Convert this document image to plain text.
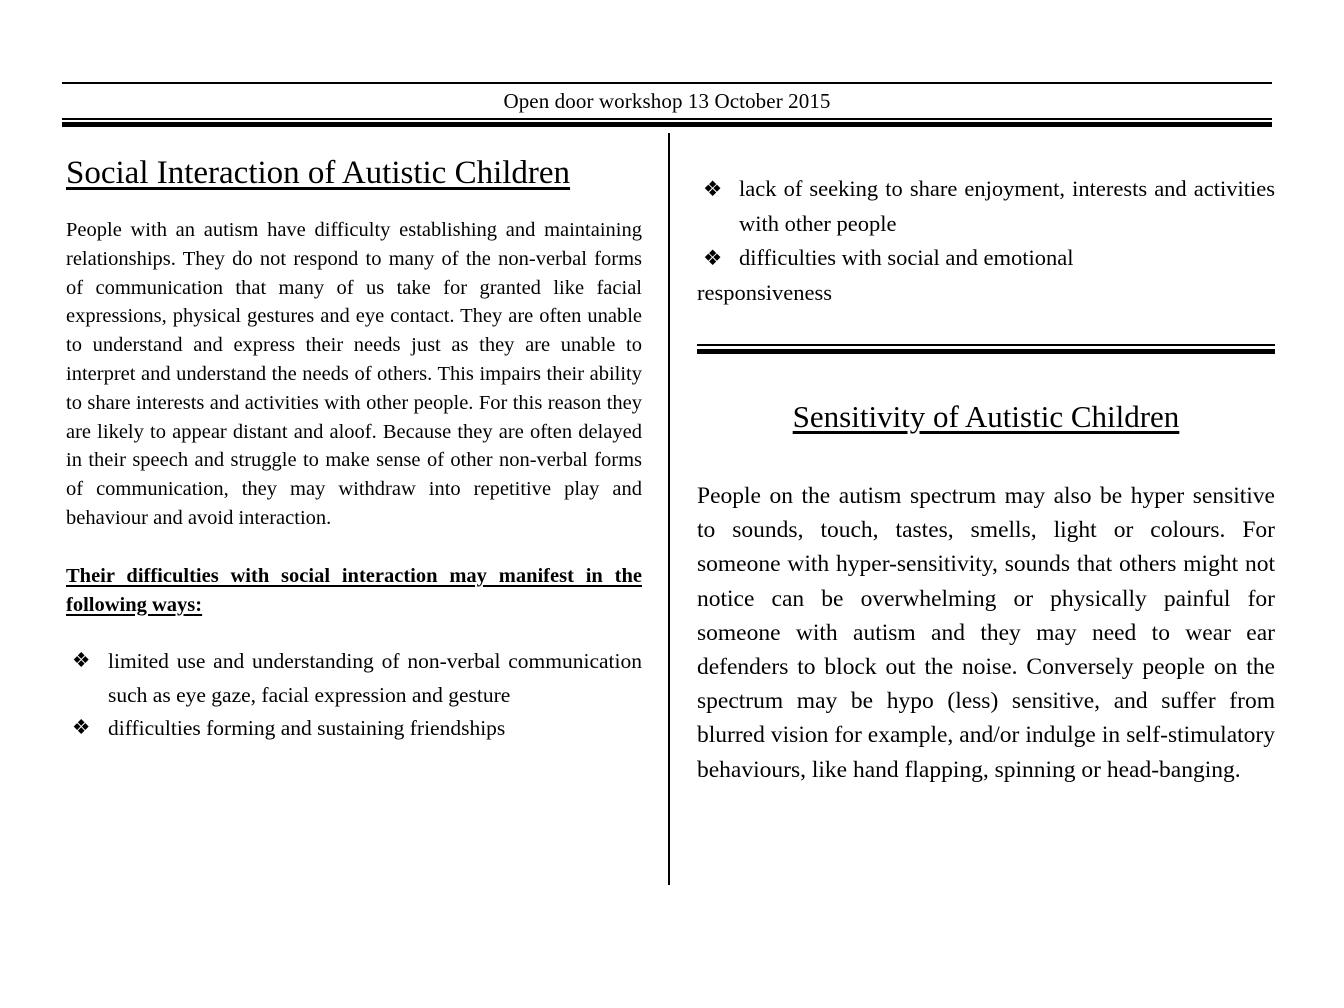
Open door workshop 13 October 2015
Social Interaction of Autistic Children

People with an autism have difficulty establishing and maintaining relationships. They do not respond to many of the non-verbal forms of communication that many of us take for granted like facial expressions, physical gestures and eye contact. They are often unable to understand and express their needs just as they are unable to interpret and understand the needs of others. This impairs their ability to share interests and activities with other people. For this reason they are likely to appear distant and aloof. Because they are often delayed in their speech and struggle to make sense of other non-verbal forms of communication, they may withdraw into repetitive play and behaviour and avoid interaction.

Their difficulties with social interaction may manifest in the following ways:

❖ limited use and understanding of non-verbal communication such as eye gaze, facial expression and gesture
❖ difficulties forming and sustaining friendships
❖ lack of seeking to share enjoyment, interests and activities with other people
❖ difficulties with social and emotional
responsiveness
Sensitivity of Autistic Children

People on the autism spectrum may also be hyper sensitive to sounds, touch, tastes, smells, light or colours. For someone with hyper-sensitivity, sounds that others might not notice can be overwhelming or physically painful for someone with autism and they may need to wear ear defenders to block out the noise. Conversely people on the spectrum may be hypo (less) sensitive, and suffer from blurred vision for example, and/or indulge in self-stimulatory behaviours, like hand flapping, spinning or head-banging.
